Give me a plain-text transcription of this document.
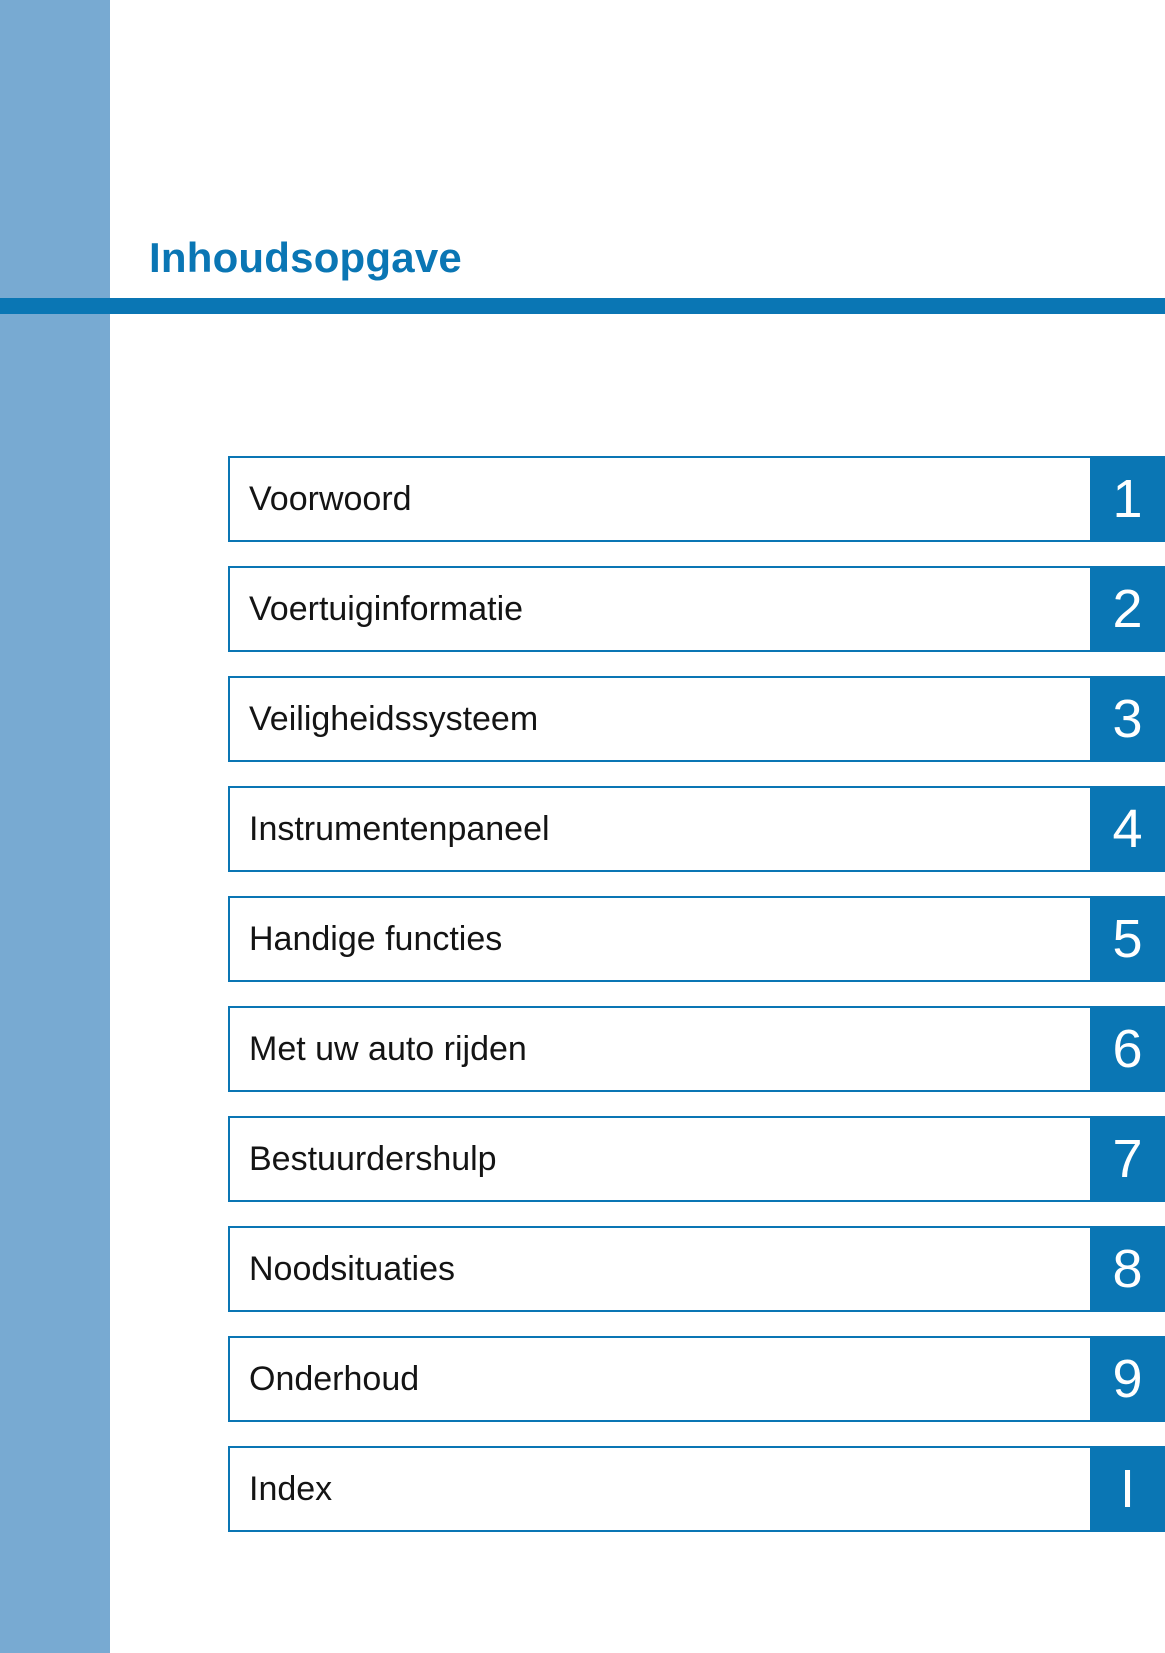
Inhoudsopgave
Voorwoord	1
Voertuiginformatie	2
Veiligheidssysteem	3
Instrumentenpaneel	4
Handige functies	5
Met uw auto rijden	6
Bestuurdershulp	7
Noodsituaties	8
Onderhoud	9
Index	I
